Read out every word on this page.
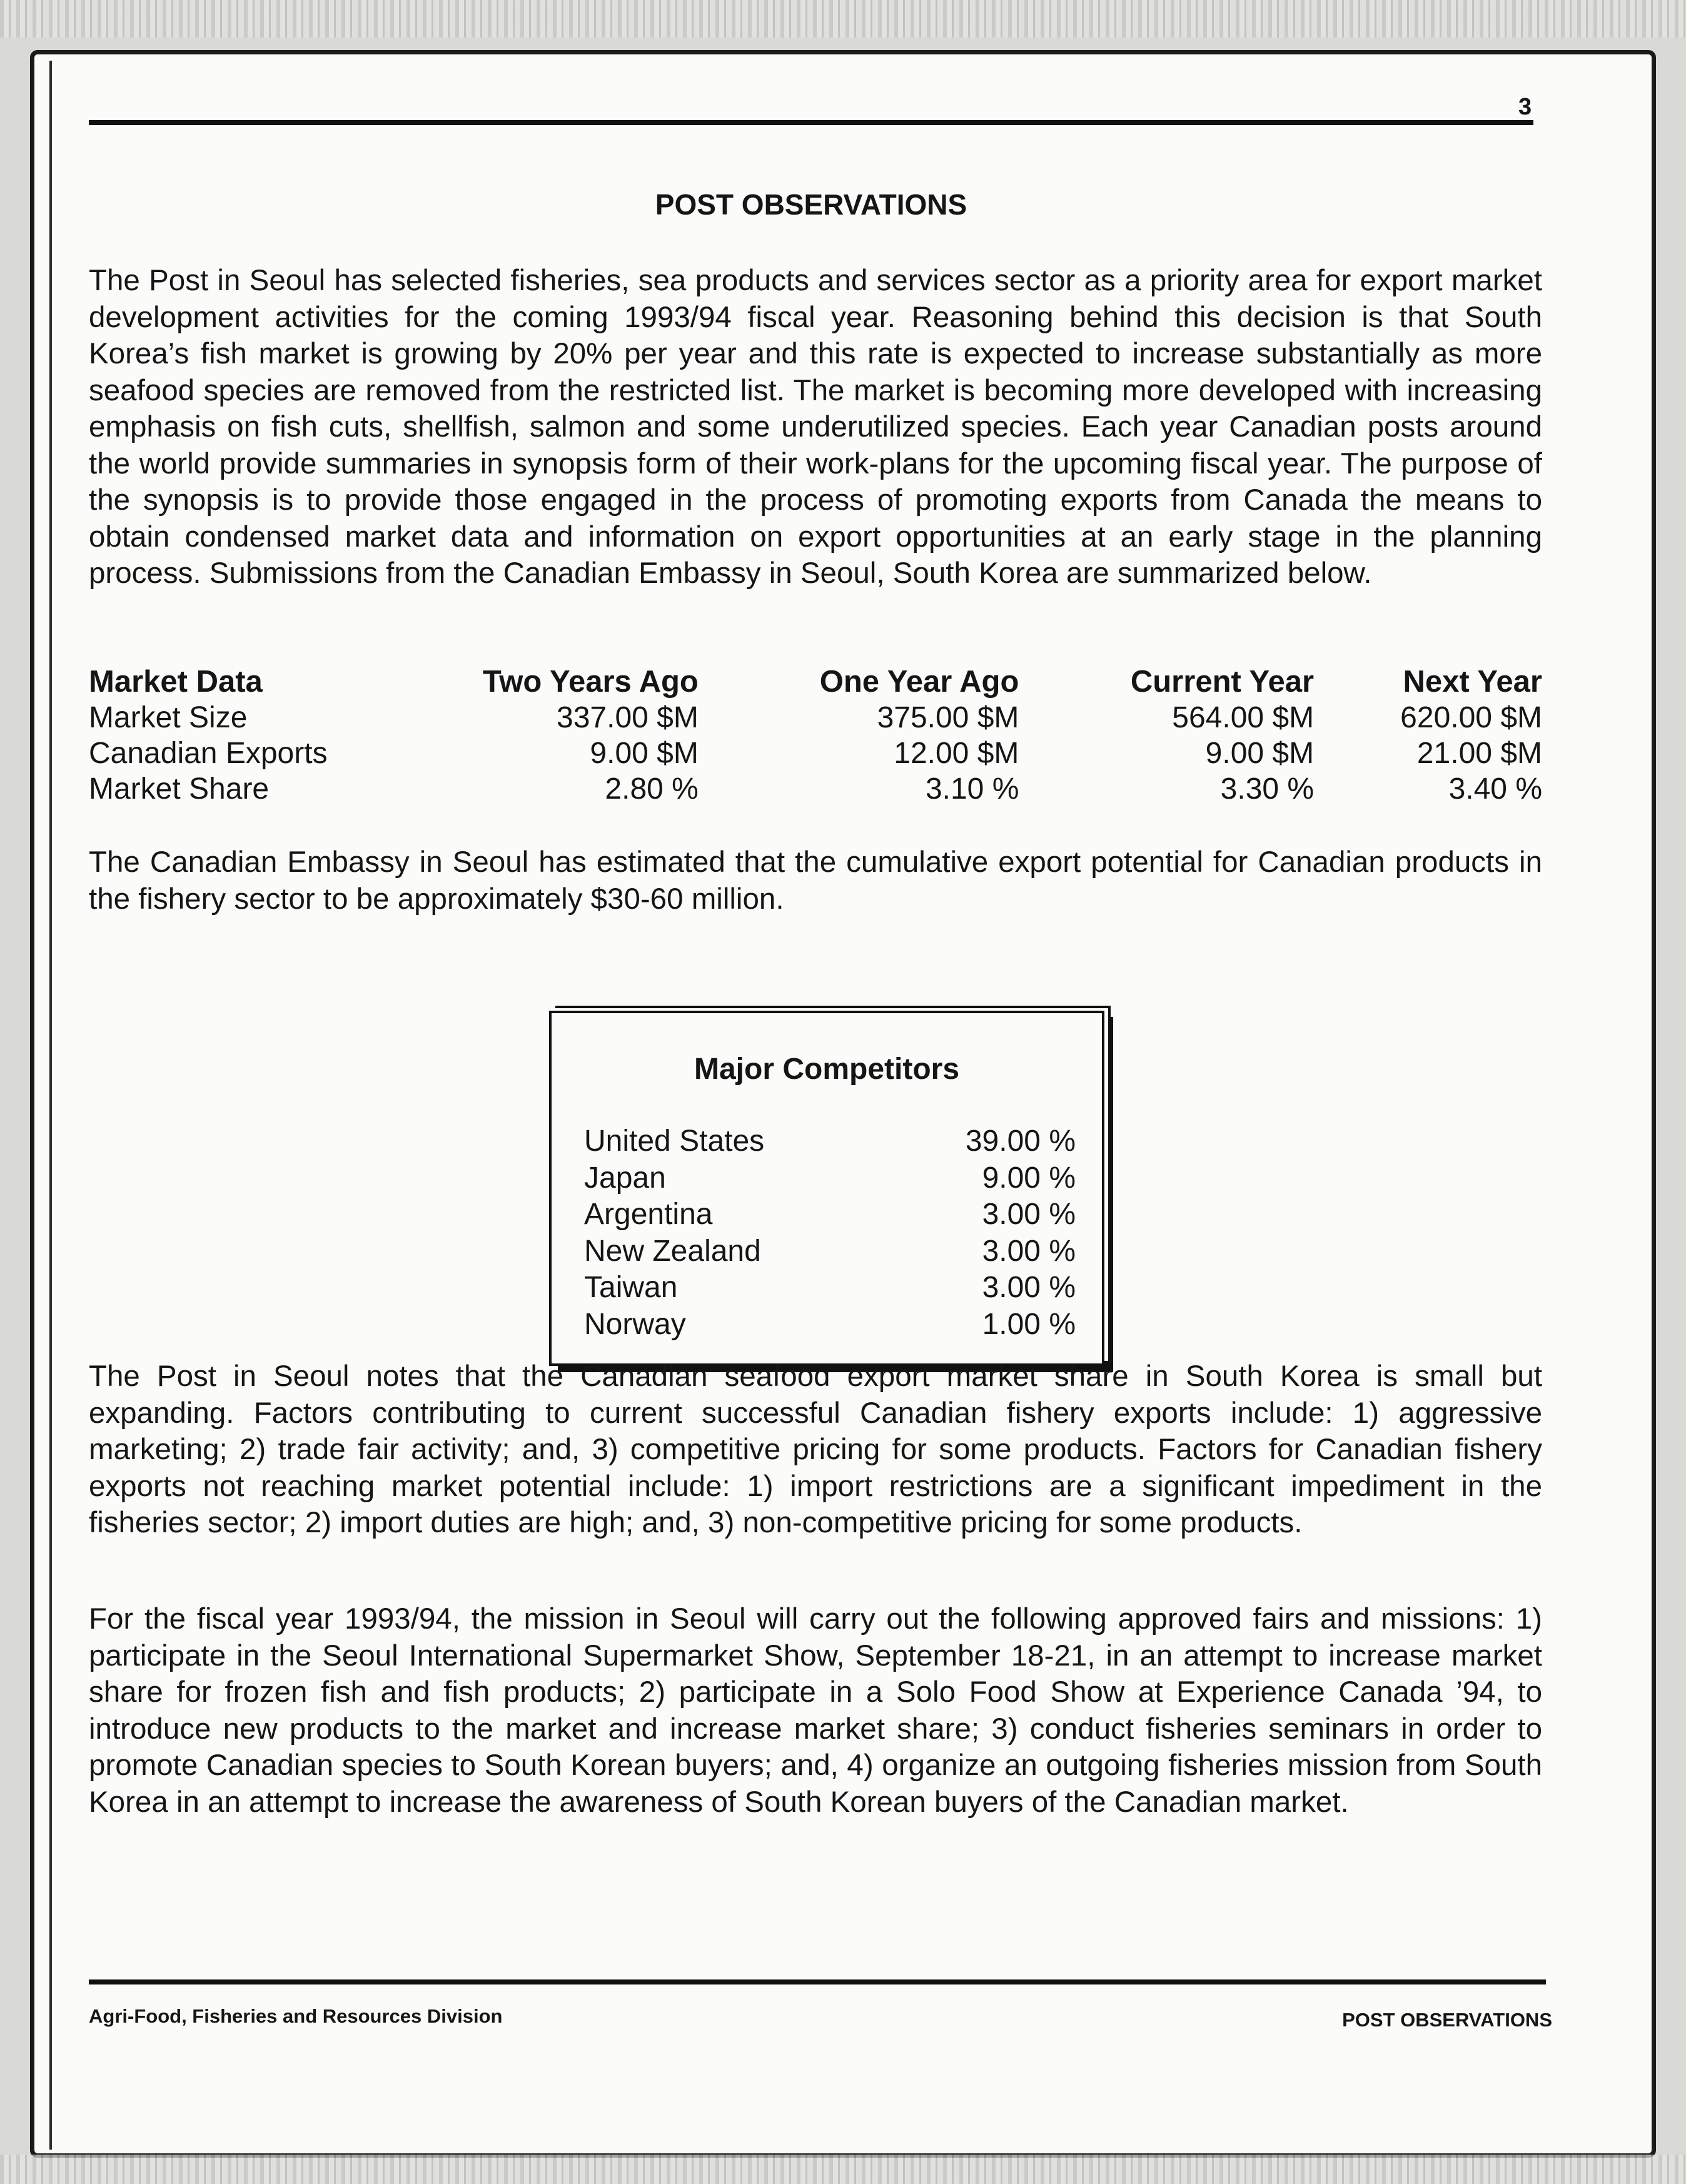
3
POST OBSERVATIONS

The Post in Seoul has selected fisheries, sea products and services sector as a priority area for export market development activities for the coming 1993/94 fiscal year. Reasoning behind this decision is that South Korea’s fish market is growing by 20% per year and this rate is expected to increase substantially as more seafood species are removed from the restricted list. The market is becoming more developed with increasing emphasis on fish cuts, shellfish, salmon and some underutilized species. Each year Canadian posts around the world provide summaries in synopsis form of their work-plans for the upcoming fiscal year. The purpose of the synopsis is to provide those engaged in the process of promoting exports from Canada the means to obtain condensed market data and information on export opportunities at an early stage in the planning process. Submissions from the Canadian Embassy in Seoul, South Korea are summarized below.

Market Data	Two Years Ago	One Year Ago	Current Year	Next Year
Market Size	337.00 $M	375.00 $M	564.00 $M	620.00 $M
Canadian Exports	9.00 $M	12.00 $M	9.00 $M	21.00 $M
Market Share	2.80 %	3.10 %	3.30 %	3.40 %

The Canadian Embassy in Seoul has estimated that the cumulative export potential for Canadian products in the fishery sector to be approximately $30-60 million.

Major Competitors
United States	39.00 %
Japan	9.00 %
Argentina	3.00 %
New Zealand	3.00 %
Taiwan	3.00 %
Norway	1.00 %

The Post in Seoul notes that the Canadian seafood export market share in South Korea is small but expanding. Factors contributing to current successful Canadian fishery exports include: 1) aggressive marketing; 2) trade fair activity; and, 3) competitive pricing for some products. Factors for Canadian fishery exports not reaching market potential include: 1) import restrictions are a significant impediment in the fisheries sector; 2) import duties are high; and, 3) non-competitive pricing for some products.

For the fiscal year 1993/94, the mission in Seoul will carry out the following approved fairs and missions: 1) participate in the Seoul International Supermarket Show, September 18-21, in an attempt to increase market share for frozen fish and fish products; 2) participate in a Solo Food Show at Experience Canada ’94, to introduce new products to the market and increase market share; 3) conduct fisheries seminars in order to promote Canadian species to South Korean buyers; and, 4) organize an outgoing fisheries mission from South Korea in an attempt to increase the awareness of South Korean buyers of the Canadian market.

Agri-Food, Fisheries and Resources Division	POST OBSERVATIONS
